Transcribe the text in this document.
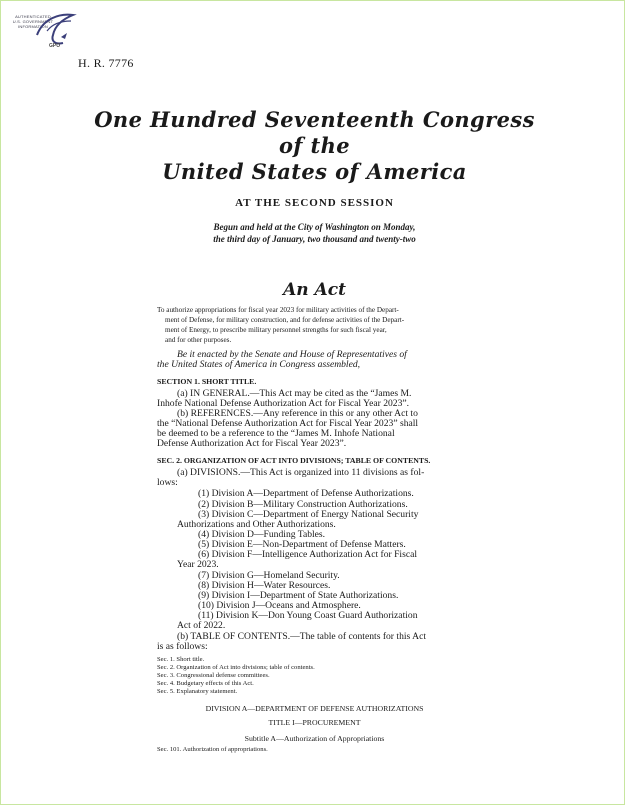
AUTHENTICATED
U.S. GOVERNMENT
INFORMATION
GPO
H. R. 7776
One Hundred Seventeenth Congress
of the
United States of America
AT THE SECOND SESSION
Begun and held at the City of Washington on Monday,
the third day of January, two thousand and twenty-two
An Act
To authorize appropriations for fiscal year 2023 for military activities of the Depart-
ment of Defense, for military construction, and for defense activities of the Depart-
ment of Energy, to prescribe military personnel strengths for such fiscal year,
and for other purposes.
Be it enacted by the Senate and House of Representatives of
the United States of America in Congress assembled,
SECTION 1. SHORT TITLE.
(a) IN GENERAL.—This Act may be cited as the “James M.
Inhofe National Defense Authorization Act for Fiscal Year 2023”.
(b) REFERENCES.—Any reference in this or any other Act to
the “National Defense Authorization Act for Fiscal Year 2023” shall
be deemed to be a reference to the “James M. Inhofe National
Defense Authorization Act for Fiscal Year 2023”.
SEC. 2. ORGANIZATION OF ACT INTO DIVISIONS; TABLE OF CONTENTS.
(a) DIVISIONS.—This Act is organized into 11 divisions as fol-
lows:
(1) Division A—Department of Defense Authorizations.
(2) Division B—Military Construction Authorizations.
(3) Division C—Department of Energy National Security
Authorizations and Other Authorizations.
(4) Division D—Funding Tables.
(5) Division E—Non-Department of Defense Matters.
(6) Division F—Intelligence Authorization Act for Fiscal
Year 2023.
(7) Division G—Homeland Security.
(8) Division H—Water Resources.
(9) Division I—Department of State Authorizations.
(10) Division J—Oceans and Atmosphere.
(11) Division K—Don Young Coast Guard Authorization
Act of 2022.
(b) TABLE OF CONTENTS.—The table of contents for this Act
is as follows:
Sec. 1. Short title.
Sec. 2. Organization of Act into divisions; table of contents.
Sec. 3. Congressional defense committees.
Sec. 4. Budgetary effects of this Act.
Sec. 5. Explanatory statement.
DIVISION A—DEPARTMENT OF DEFENSE AUTHORIZATIONS
TITLE I—PROCUREMENT
Subtitle A—Authorization of Appropriations
Sec. 101. Authorization of appropriations.
